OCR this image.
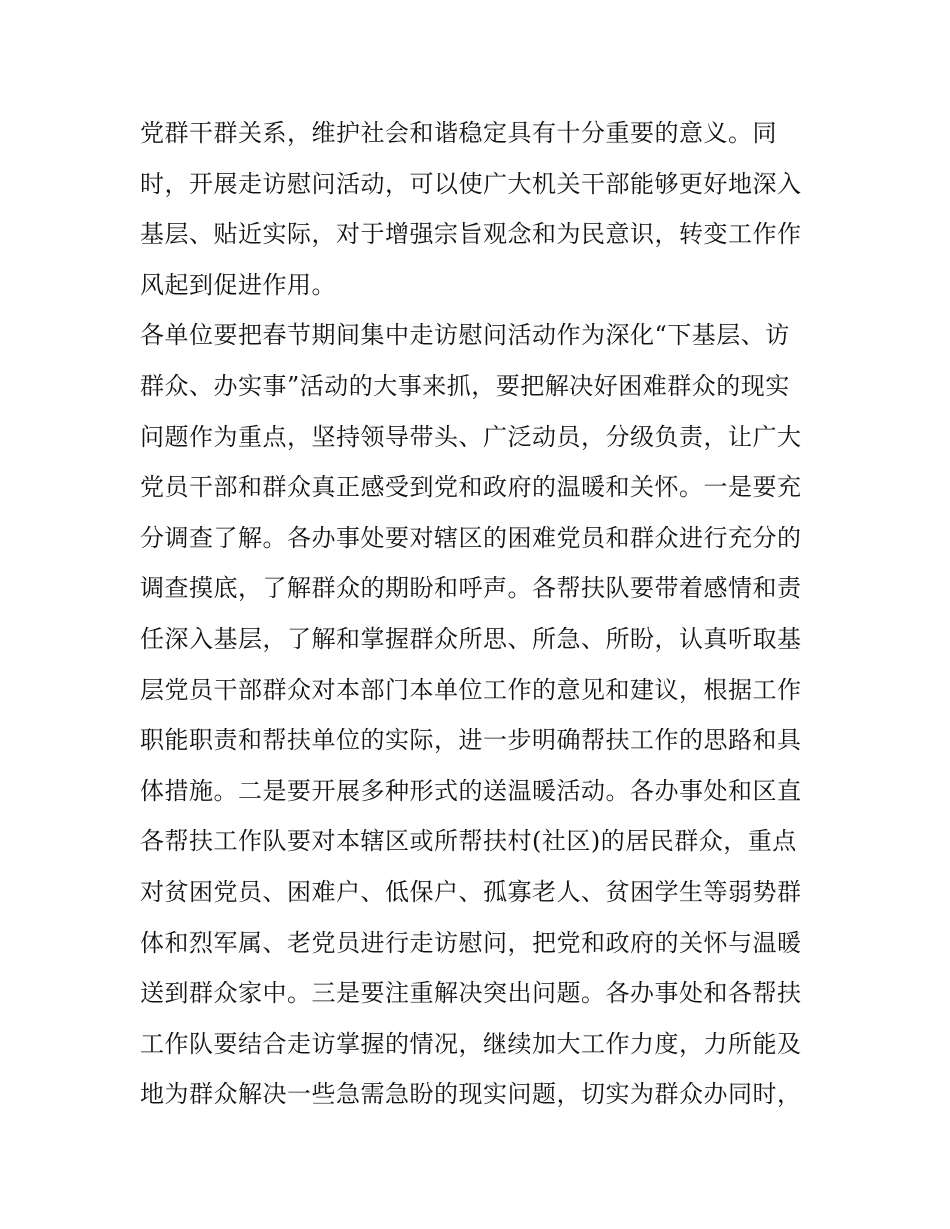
党群干群关系，维护社会和谐稳定具有十分重要的意义。同
时，开展走访慰问活动，可以使广大机关干部能够更好地深入
基层、贴近实际，对于增强宗旨观念和为民意识，转变工作作
风起到促进作用。
各单位要把春节期间集中走访慰问活动作为深化“下基层、访
群众、办实事”活动的大事来抓，要把解决好困难群众的现实
问题作为重点，坚持领导带头、广泛动员，分级负责，让广大
党员干部和群众真正感受到党和政府的温暖和关怀。一是要充
分调查了解。各办事处要对辖区的困难党员和群众进行充分的
调查摸底，了解群众的期盼和呼声。各帮扶队要带着感情和责
任深入基层，了解和掌握群众所思、所急、所盼，认真听取基
层党员干部群众对本部门本单位工作的意见和建议，根据工作
职能职责和帮扶单位的实际，进一步明确帮扶工作的思路和具
体措施。二是要开展多种形式的送温暖活动。各办事处和区直
各帮扶工作队要对本辖区或所帮扶村(社区)的居民群众，重点
对贫困党员、困难户、低保户、孤寡老人、贫困学生等弱势群
体和烈军属、老党员进行走访慰问，把党和政府的关怀与温暖
送到群众家中。三是要注重解决突出问题。各办事处和各帮扶
工作队要结合走访掌握的情况，继续加大工作力度，力所能及
地为群众解决一些急需急盼的现实问题，切实为群众办同时，
